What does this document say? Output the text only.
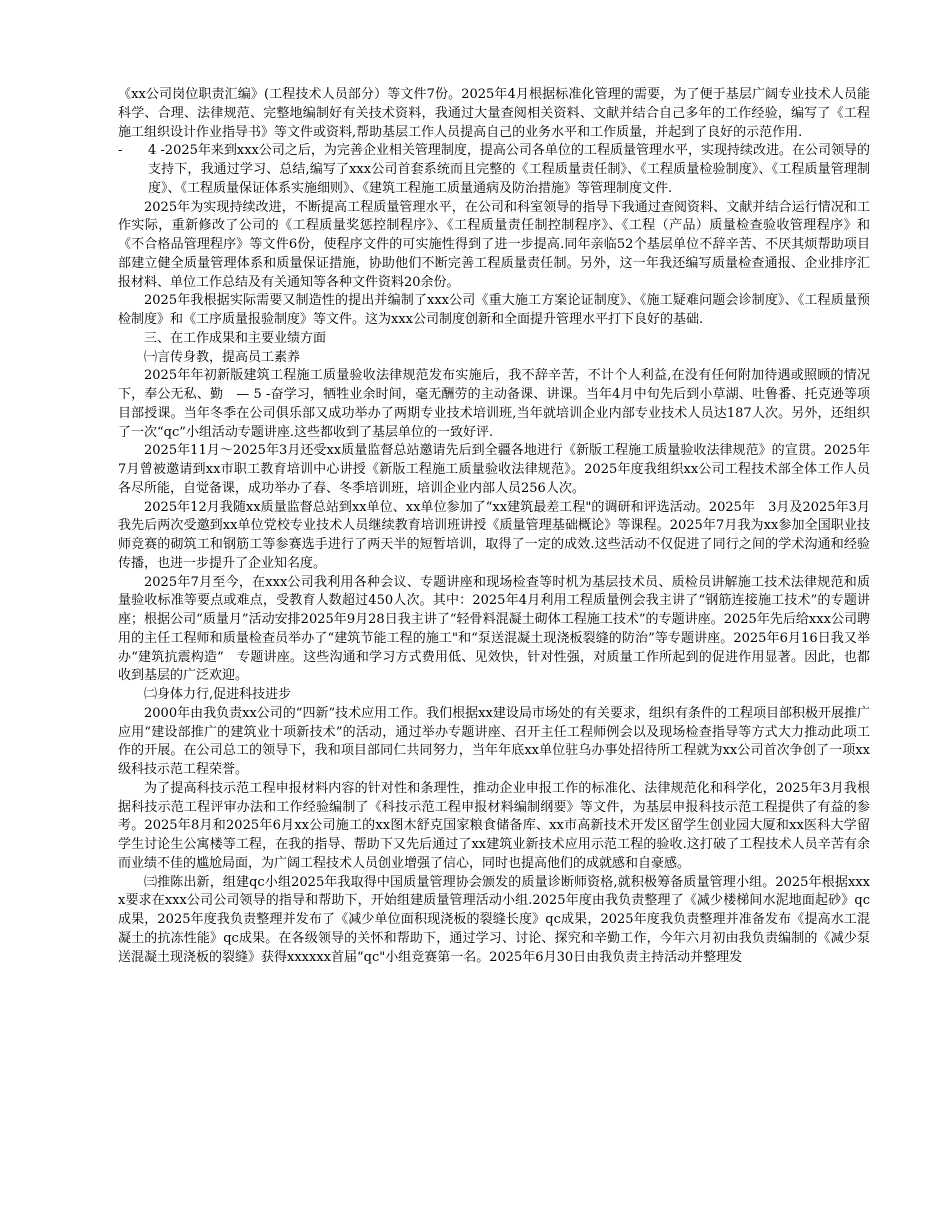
《xx公司岗位职责汇编》(工程技术人员部分）等文件7份。2025年4月根据标准化管理的需要，为了便于基层广阔专业技术人员能科学、合理、法律规范、完整地编制好有关技术资料，我通过大量查阅相关资料、文献并结合自己多年的工作经验，编写了《工程施工组织设计作业指导书》等文件或资料,帮助基层工作人员提高自己的业务水平和工作质量，并起到了良好的示范作用.

-	4 -2025年来到xxx公司之后，为完善企业相关管理制度，提高公司各单位的工程质量管理水平，实现持续改进。在公司领导的支持下，我通过学习、总结,编写了xxx公司首套系统而且完整的《工程质量责任制》、《工程质量检验制度》、《工程质量管理制度》、《工程质量保证体系实施细则》、《建筑工程施工质量通病及防治措施》等管理制度文件.

2025年为实现持续改进，不断提高工程质量管理水平，在公司和科室领导的指导下我通过查阅资料、文献并结合运行情况和工作实际，重新修改了公司的《工程质量奖惩控制程序》、《工程质量责任制控制程序》、《工程（产品）质量检查验收管理程序》和《不合格品管理程序》等文件6份，使程序文件的可实施性得到了进一步提高.同年亲临52个基层单位不辞辛苦、不厌其烦帮助项目部建立健全质量管理体系和质量保证措施，协助他们不断完善工程质量责任制。另外，这一年我还编写质量检查通报、企业排序汇报材料、单位工作总结及有关通知等各种文件资料20余份。

2025年我根据实际需要又制造性的提出并编制了xxx公司《重大施工方案论证制度》、《施工疑难问题会诊制度》、《工程质量预检制度》和《工序质量报验制度》等文件。这为xxx公司制度创新和全面提升管理水平打下良好的基础.

三、在工作成果和主要业绩方面

㈠言传身教，提高员工素养

2025年年初新版建筑工程施工质量验收法律规范发布实施后，我不辞辛苦，不计个人利益,在没有任何附加待遇或照顾的情况下，奉公无私、勤　— 5 -奋学习，牺牲业余时间，毫无酬劳的主动备课、讲课。当年4月中旬先后到小草湖、吐鲁番、托克逊等项目部授课。当年冬季在公司俱乐部又成功举办了两期专业技术培训班,当年就培训企业内部专业技术人员达187人次。另外，还组织了一次“qc”小组活动专题讲座.这些都收到了基层单位的一致好评.

2025年11月～2025年3月还受xx质量监督总站邀请先后到全疆各地进行《新版工程施工质量验收法律规范》的宣贯。2025年7月曾被邀请到xx市职工教育培训中心讲授《新版工程施工质量验收法律规范》。2025年度我组织xx公司工程技术部全体工作人员各尽所能，自觉备课，成功举办了春、冬季培训班，培训企业内部人员256人次。

2025年12月我随xx质量监督总站到xx单位、xx单位参加了“xx建筑最差工程"的调研和评选活动。2025年　3月及2025年3月我先后两次受邀到xx单位党校专业技术人员继续教育培训班讲授《质量管理基础概论》等课程。2025年7月我为xx参加全国职业技师竞赛的砌筑工和钢筋工等参赛选手进行了两天半的短暂培训，取得了一定的成效.这些活动不仅促进了同行之间的学术沟通和经验传播，也进一步提升了企业知名度。

2025年7月至今，在xxx公司我利用各种会议、专题讲座和现场检查等时机为基层技术员、质检员讲解施工技术法律规范和质量验收标准等要点或难点，受教育人数超过450人次。其中：2025年4月利用工程质量例会我主讲了“钢筋连接施工技术”的专题讲座；根据公司“质量月”活动安排2025年9月28日我主讲了“轻骨料混凝土砌体工程施工技术”的专题讲座。2025年先后给xxx公司聘用的主任工程师和质量检查员举办了“建筑节能工程的施工"和“泵送混凝土现浇板裂缝的防治”等专题讲座。2025年6月16日我又举办“建筑抗震构造”　专题讲座。这些沟通和学习方式费用低、见效快，针对性强，对质量工作所起到的促进作用显著。因此，也都收到基层的广泛欢迎。

㈡身体力行,促进科技进步

2000年由我负责xx公司的“四新”技术应用工作。我们根据xx建设局市场处的有关要求，组织有条件的工程项目部积极开展推广应用“建设部推广的建筑业十项新技术”的活动，通过举办专题讲座、召开主任工程师例会以及现场检查指导等方式大力推动此项工作的开展。在公司总工的领导下，我和项目部同仁共同努力，当年年底xx单位驻乌办事处招待所工程就为xx公司首次争创了一项xx级科技示范工程荣誉。

为了提高科技示范工程申报材料内容的针对性和条理性，推动企业申报工作的标准化、法律规范化和科学化，2025年3月我根据科技示范工程评审办法和工作经验编制了《科技示范工程申报材料编制纲要》等文件，为基层申报科技示范工程提供了有益的参考。2025年8月和2025年6月xx公司施工的xx图木舒克国家粮食储备库、xx市高新技术开发区留学生创业园大厦和xx医科大学留学生讨论生公寓楼等工程，在我的指导、帮助下又先后通过了xx建筑业新技术应用示范工程的验收.这打破了工程技术人员辛苦有余而业绩不佳的尴尬局面，为广阔工程技术人员创业增强了信心，同时也提高他们的成就感和自豪感。

㈢推陈出新，组建qc小组2025年我取得中国质量管理协会颁发的质量诊断师资格,就积极筹备质量管理小组。2025年根据xxxx要求在xxx公司公司领导的指导和帮助下，开始组建质量管理活动小组.2025年度由我负责整理了《减少楼梯间水泥地面起砂》qc成果，2025年度我负责整理并发布了《减少单位面积现浇板的裂缝长度》qc成果，2025年度我负责整理并准备发布《提高水工混凝土的抗冻性能》qc成果。在各级领导的关怀和帮助下，通过学习、讨论、探究和辛勤工作，今年六月初由我负责编制的《减少泵送混凝土现浇板的裂缝》获得xxxxxx首届“qc"小组竞赛第一名。2025年6月30日由我负责主持活动并整理发
